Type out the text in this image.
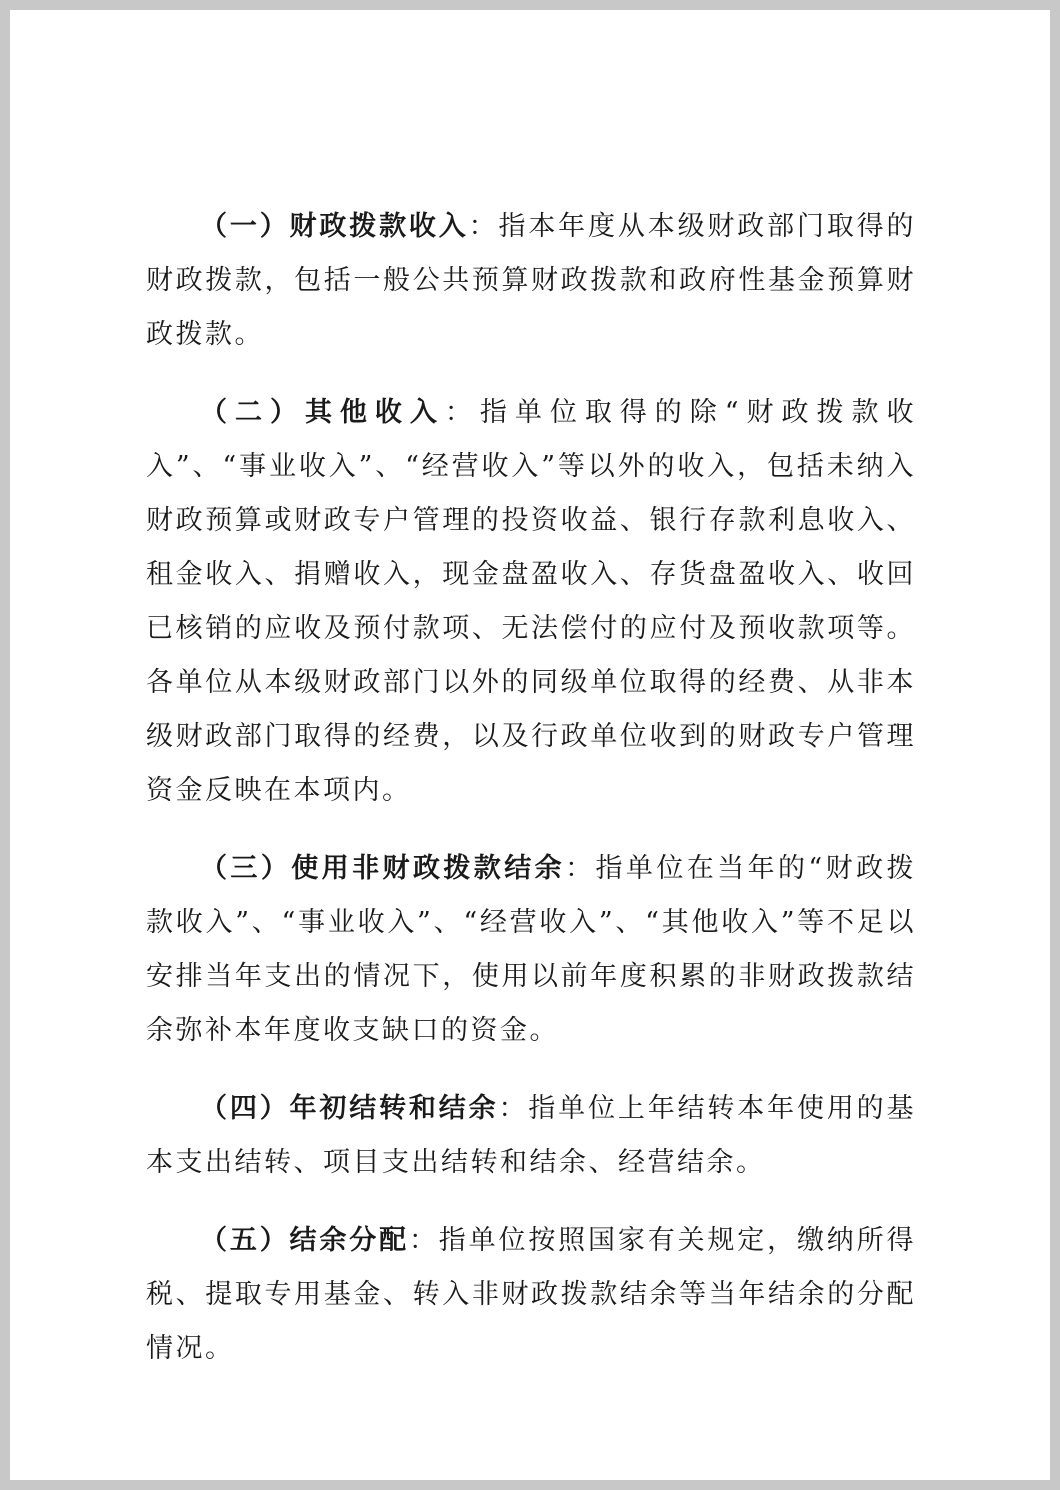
（一）财政拨款收入：指本年度从本级财政部门取得的财政拨款，包括一般公共预算财政拨款和政府性基金预算财政拨款。

（二）其他收入：指单位取得的除“财政拨款收入”、“事业收入”、“经营收入”等以外的收入，包括未纳入财政预算或财政专户管理的投资收益、银行存款利息收入、租金收入、捐赠收入，现金盘盈收入、存货盘盈收入、收回已核销的应收及预付款项、无法偿付的应付及预收款项等。各单位从本级财政部门以外的同级单位取得的经费、从非本级财政部门取得的经费，以及行政单位收到的财政专户管理资金反映在本项内。

（三）使用非财政拨款结余：指单位在当年的“财政拨款收入”、“事业收入”、“经营收入”、“其他收入”等不足以安排当年支出的情况下，使用以前年度积累的非财政拨款结余弥补本年度收支缺口的资金。

（四）年初结转和结余：指单位上年结转本年使用的基本支出结转、项目支出结转和结余、经营结余。

（五）结余分配：指单位按照国家有关规定，缴纳所得税、提取专用基金、转入非财政拨款结余等当年结余的分配情况。
